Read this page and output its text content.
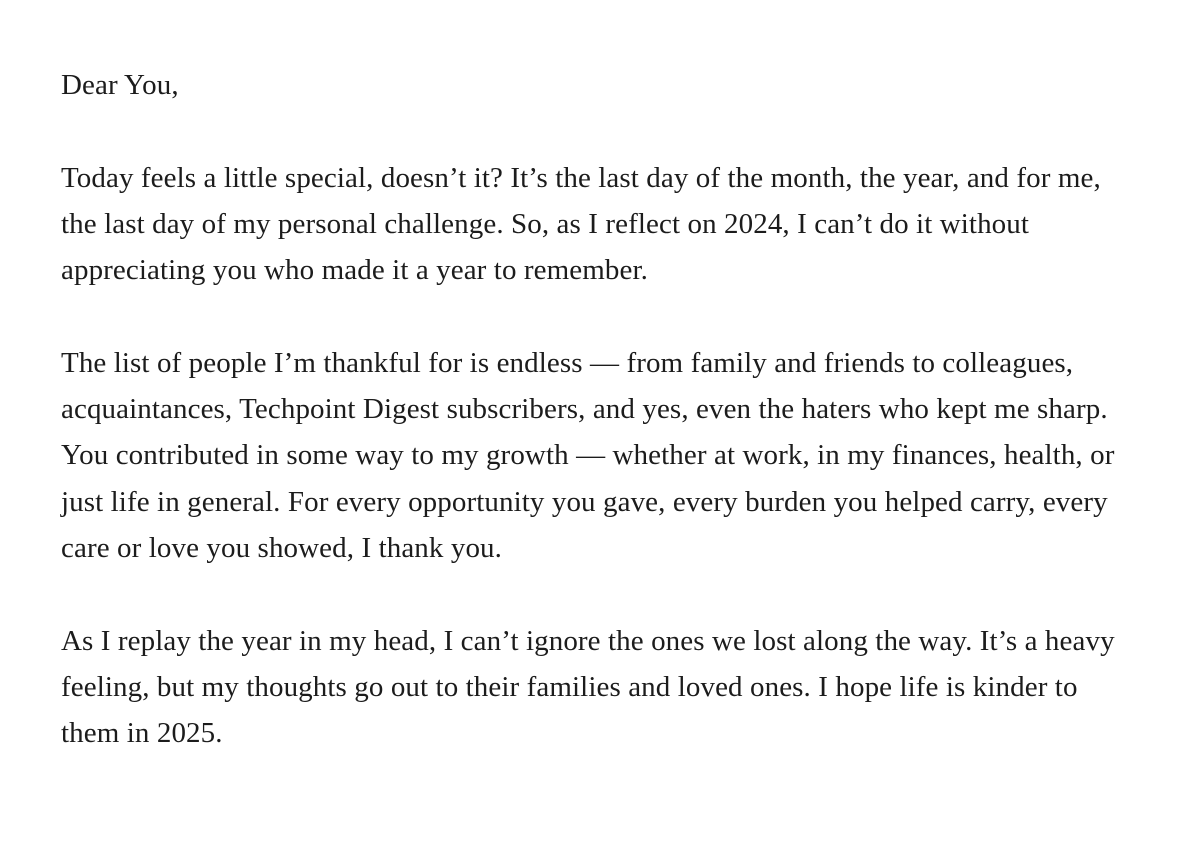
Dear You,

Today feels a little special, doesn’t it? It’s the last day of the month, the year, and for me, the last day of my personal challenge. So, as I reflect on 2024, I can’t do it without appreciating you who made it a year to remember.

The list of people I’m thankful for is endless — from family and friends to colleagues, acquaintances, Techpoint Digest subscribers, and yes, even the haters who kept me sharp. You contributed in some way to my growth — whether at work, in my finances, health, or just life in general. For every opportunity you gave, every burden you helped carry, every care or love you showed, I thank you.

As I replay the year in my head, I can’t ignore the ones we lost along the way. It’s a heavy feeling, but my thoughts go out to their families and loved ones. I hope life is kinder to them in 2025.
